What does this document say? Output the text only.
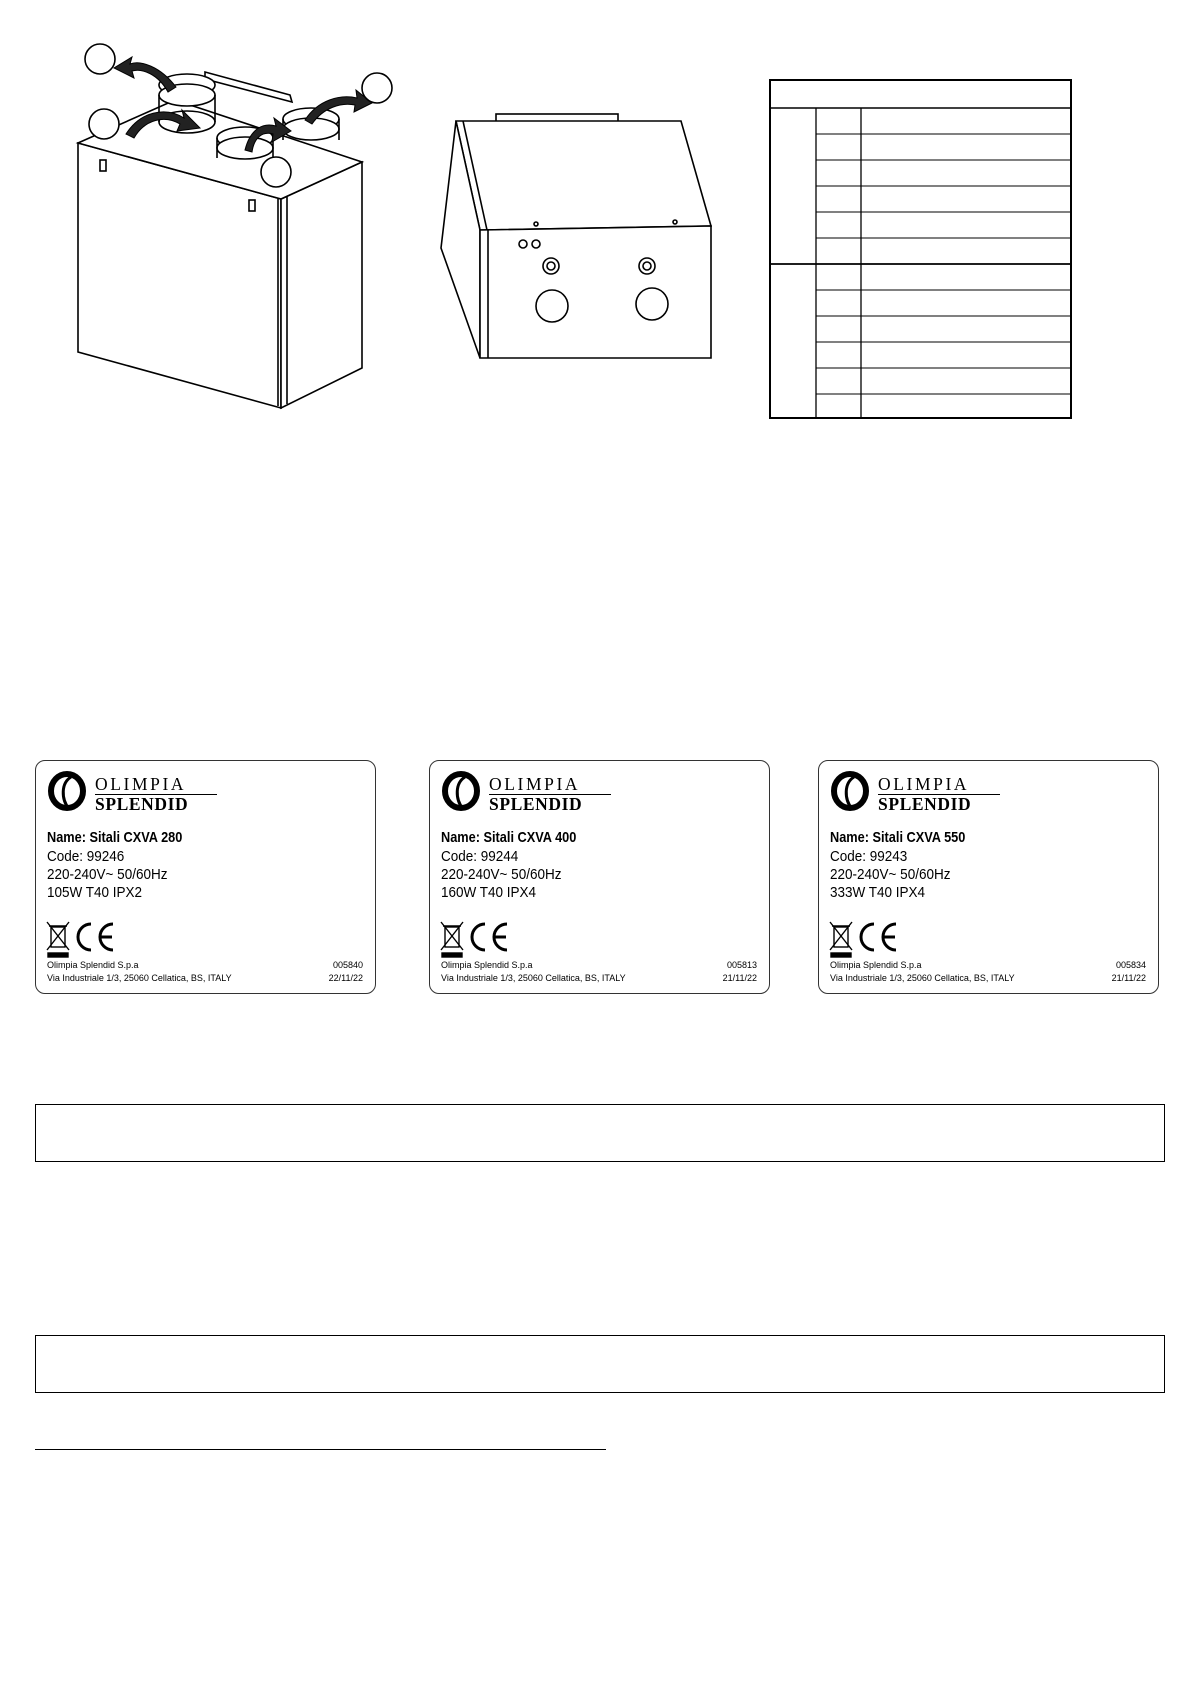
OLIMPIA
SPLENDID
Name: Sitali CXVA 280
Code: 99246
220-240V~ 50/60Hz
105W T40 IPX2
Olimpia Splendid S.p.a
Via Industriale 1/3, 25060 Cellatica, BS, ITALY
005840
22/11/22
OLIMPIA
SPLENDID
Name: Sitali CXVA 400
Code: 99244
220-240V~ 50/60Hz
160W T40 IPX4
Olimpia Splendid S.p.a
Via Industriale 1/3, 25060 Cellatica, BS, ITALY
005813
21/11/22
OLIMPIA
SPLENDID
Name: Sitali CXVA 550
Code: 99243
220-240V~ 50/60Hz
333W T40 IPX4
Olimpia Splendid S.p.a
Via Industriale 1/3, 25060 Cellatica, BS, ITALY
005834
21/11/22
